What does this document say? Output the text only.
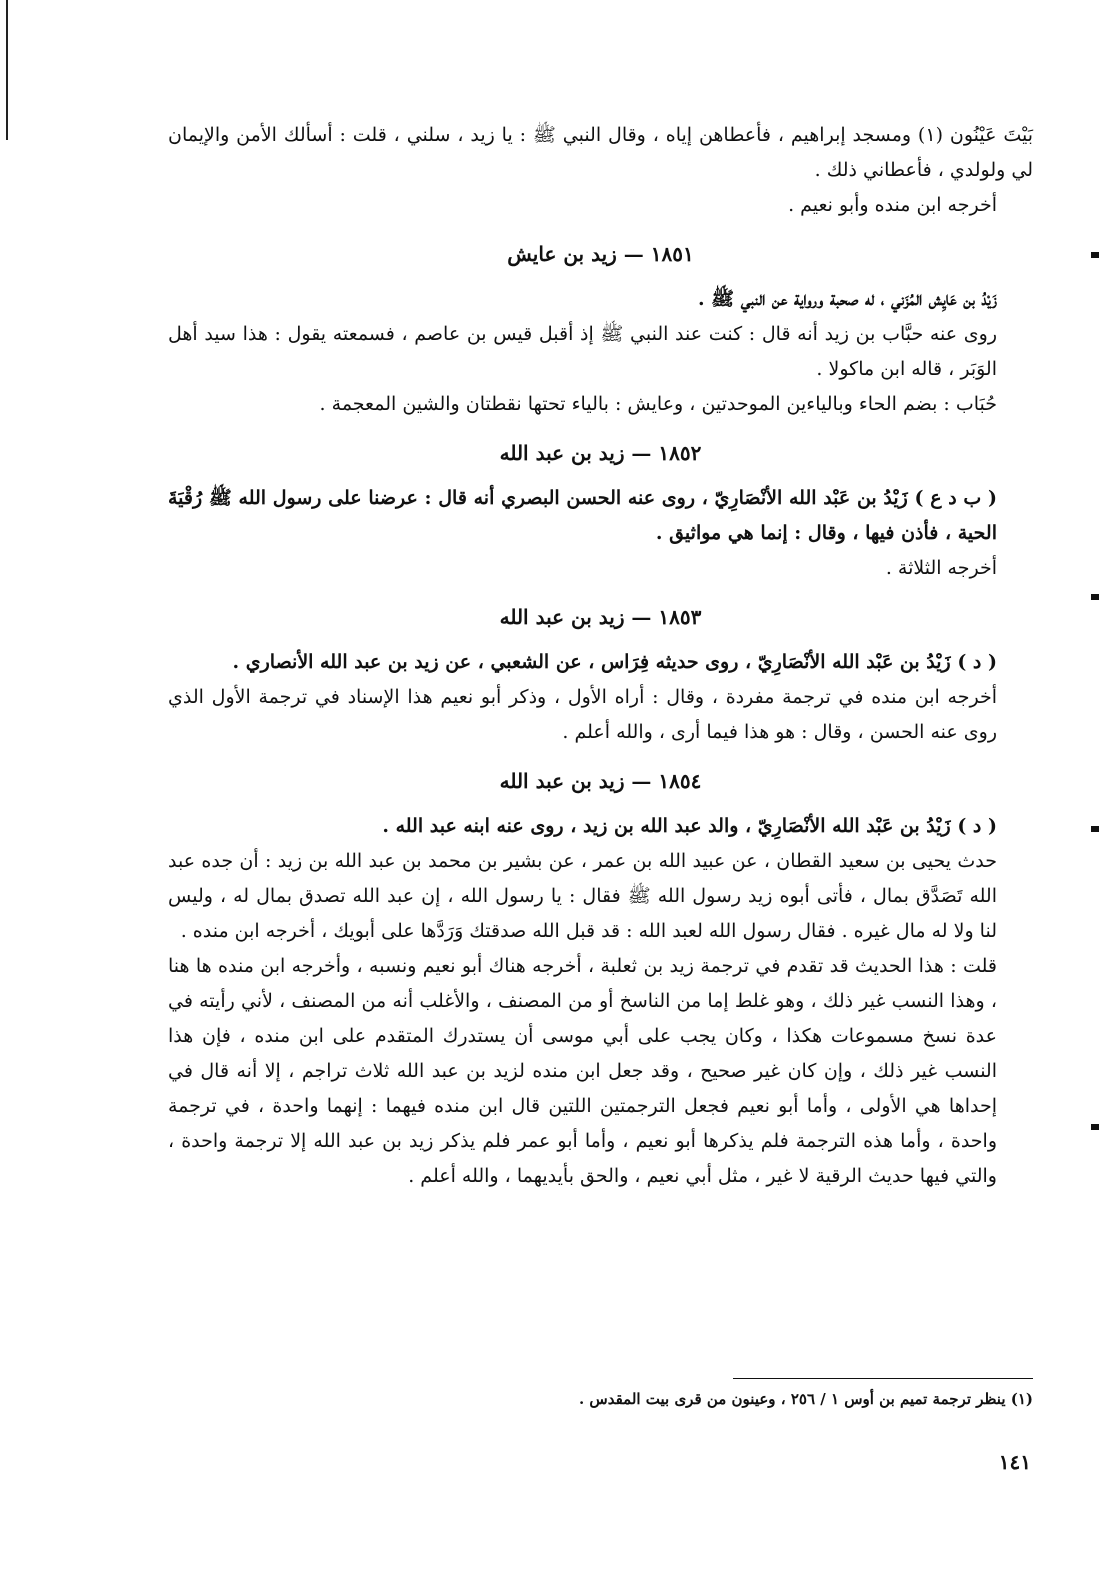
بَيْتَ عَيْنُون (١) ومسجد إبراهيم ، فأعطاهن إياه ، وقال النبي ﷺ : يا زيد ، سلني ، قلت : أسألك الأمن والإيمان لي ولولدي ، فأعطاني ذلك .

أخرجه ابن منده وأبو نعيم .

١٨٥١ — زيد بن عايش

زَيْدُ بن عَايِش المُزَني ، له صحبة ورواية عن النبي ﷺ .

روى عنه حبَّاب بن زيد أنه قال : كنت عند النبي ﷺ إذ أقبل قيس بن عاصم ، فسمعته يقول : هذا سيد أهل الوَبَر ، قاله ابن ماكولا .

حُبَاب : بضم الحاء وبالياءين الموحدتين ، وعايش : بالياء تحتها نقطتان والشين المعجمة .

١٨٥٢ — زيد بن عبد الله

( ب د ع ) زَيْدُ بن عَبْد الله الأنْصَارِيّ ، روى عنه الحسن البصري أنه قال : عرضنا على رسول الله ﷺ رُقْيَةَ الحية ، فأذن فيها ، وقال : إنما هي مواثيق .

أخرجه الثلاثة .

١٨٥٣ — زيد بن عبد الله

( د ) زَيْدُ بن عَبْد الله الأنْصَارِيّ ، روى حديثه فِرَاس ، عن الشعبي ، عن زيد بن عبد الله الأنصاري .

أخرجه ابن منده في ترجمة مفردة ، وقال : أراه الأول ، وذكر أبو نعيم هذا الإسناد في ترجمة الأول الذي روى عنه الحسن ، وقال : هو هذا فيما أرى ، والله أعلم .

١٨٥٤ — زيد بن عبد الله

( د ) زَيْدُ بن عَبْد الله الأنْصَارِيّ ، والد عبد الله بن زيد ، روى عنه ابنه عبد الله .

حدث يحيى بن سعيد القطان ، عن عبيد الله بن عمر ، عن بشير بن محمد بن عبد الله بن زيد : أن جده عبد الله تَصَدَّق بمال ، فأتى أبوه زيد رسول الله ﷺ فقال : يا رسول الله ، إن عبد الله تصدق بمال له ، وليس لنا ولا له مال غيره . فقال رسول الله لعبد الله : قد قبل الله صدقتك وَرَدَّها على أبويك ، أخرجه ابن منده .

قلت : هذا الحديث قد تقدم في ترجمة زيد بن ثعلبة ، أخرجه هناك أبو نعيم ونسبه ، وأخرجه ابن منده ها هنا ، وهذا النسب غير ذلك ، وهو غلط إما من الناسخ أو من المصنف ، والأغلب أنه من المصنف ، لأني رأيته في عدة نسخ مسموعات هكذا ، وكان يجب على أبي موسى أن يستدرك المتقدم على ابن منده ، فإن هذا النسب غير ذلك ، وإن كان غير صحيح ، وقد جعل ابن منده لزيد بن عبد الله ثلاث تراجم ، إلا أنه قال في إحداها هي الأولى ، وأما أبو نعيم فجعل الترجمتين اللتين قال ابن منده فيهما : إنهما واحدة ، في ترجمة واحدة ، وأما هذه الترجمة فلم يذكرها أبو نعيم ، وأما أبو عمر فلم يذكر زيد بن عبد الله إلا ترجمة واحدة ، والتي فيها حديث الرقية لا غير ، مثل أبي نعيم ، والحق بأيديهما ، والله أعلم .

(١) ينظر ترجمة تميم بن أوس ١ / ٢٥٦ ، وعينون من قرى بيت المقدس .
١٤١
